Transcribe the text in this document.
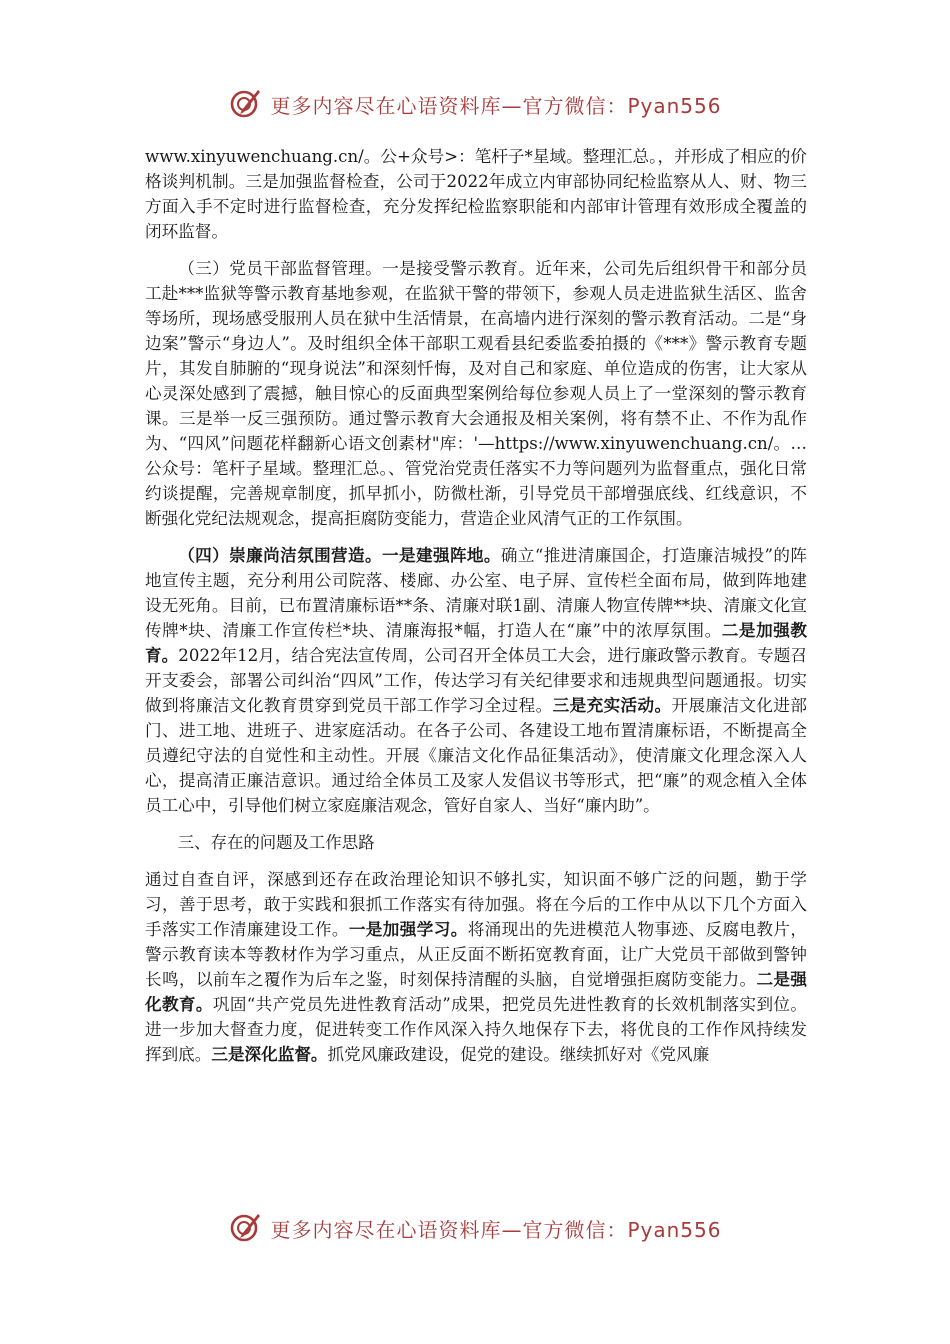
更多内容尽在心语资料库—官方微信：Pyan556

www.xinyuwenchuang.cn/。公+众号>：笔杆子*星域。整理汇总。，并形成了相应的价格谈判机制。三是加强监督检查，公司于2022年成立内审部协同纪检监察从人、财、物三方面入手不定时进行监督检查，充分发挥纪检监察职能和内部审计管理有效形成全覆盖的闭环监督。

（三）党员干部监督管理。一是接受警示教育。近年来，公司先后组织骨干和部分员工赴***监狱等警示教育基地参观，在监狱干警的带领下，参观人员走进监狱生活区、监舍等场所，现场感受服刑人员在狱中生活情景，在高墙内进行深刻的警示教育活动。二是“身边案”警示“身边人”。及时组织全体干部职工观看县纪委监委拍摄的《***》警示教育专题片，其发自肺腑的“现身说法”和深刻忏悔，及对自己和家庭、单位造成的伤害，让大家从心灵深处感到了震撼，触目惊心的反面典型案例给每位参观人员上了一堂深刻的警示教育课。三是举一反三强预防。通过警示教育大会通报及相关案例，将有禁不止、不作为乱作为、“四风”问题花样翻新心语文创素材"库：'—https://www.xinyuwenchuang.cn/。…公众号：笔杆子星域。整理汇总。、管党治党责任落实不力等问题列为监督重点，强化日常约谈提醒，完善规章制度，抓早抓小，防微杜渐，引导党员干部增强底线、红线意识，不断强化党纪法规观念，提高拒腐防变能力，营造企业风清气正的工作氛围。

（四）崇廉尚洁氛围营造。一是建强阵地。确立“推进清廉国企，打造廉洁城投”的阵地宣传主题，充分利用公司院落、楼廊、办公室、电子屏、宣传栏全面布局，做到阵地建设无死角。目前，已布置清廉标语**条、清廉对联1副、清廉人物宣传牌**块、清廉文化宣传牌*块、清廉工作宣传栏*块、清廉海报*幅，打造人在“廉”中的浓厚氛围。二是加强教育。2022年12月，结合宪法宣传周，公司召开全体员工大会，进行廉政警示教育。专题召开支委会，部署公司纠治“四风”工作，传达学习有关纪律要求和违规典型问题通报。切实做到将廉洁文化教育贯穿到党员干部工作学习全过程。三是充实活动。开展廉洁文化进部门、进工地、进班子、进家庭活动。在各子公司、各建设工地布置清廉标语，不断提高全员遵纪守法的自觉性和主动性。开展《廉洁文化作品征集活动》，使清廉文化理念深入人心，提高清正廉洁意识。通过给全体员工及家人发倡议书等形式，把“廉”的观念植入全体员工心中，引导他们树立家庭廉洁观念，管好自家人、当好“廉内助”。

三、存在的问题及工作思路

通过自查自评，深感到还存在政治理论知识不够扎实，知识面不够广泛的问题，勤于学习，善于思考，敢于实践和狠抓工作落实有待加强。将在今后的工作中从以下几个方面入手落实工作清廉建设工作。一是加强学习。将涌现出的先进模范人物事迹、反腐电教片，警示教育读本等教材作为学习重点，从正反面不断拓宽教育面，让广大党员干部做到警钟长鸣，以前车之覆作为后车之鉴，时刻保持清醒的头脑，自觉增强拒腐防变能力。二是强化教育。巩固“共产党员先进性教育活动”成果，把党员先进性教育的长效机制落实到位。进一步加大督查力度，促进转变工作作风深入持久地保存下去，将优良的工作作风持续发挥到底。三是深化监督。抓党风廉政建设，促党的建设。继续抓好对《党风廉

更多内容尽在心语资料库—官方微信：Pyan556
